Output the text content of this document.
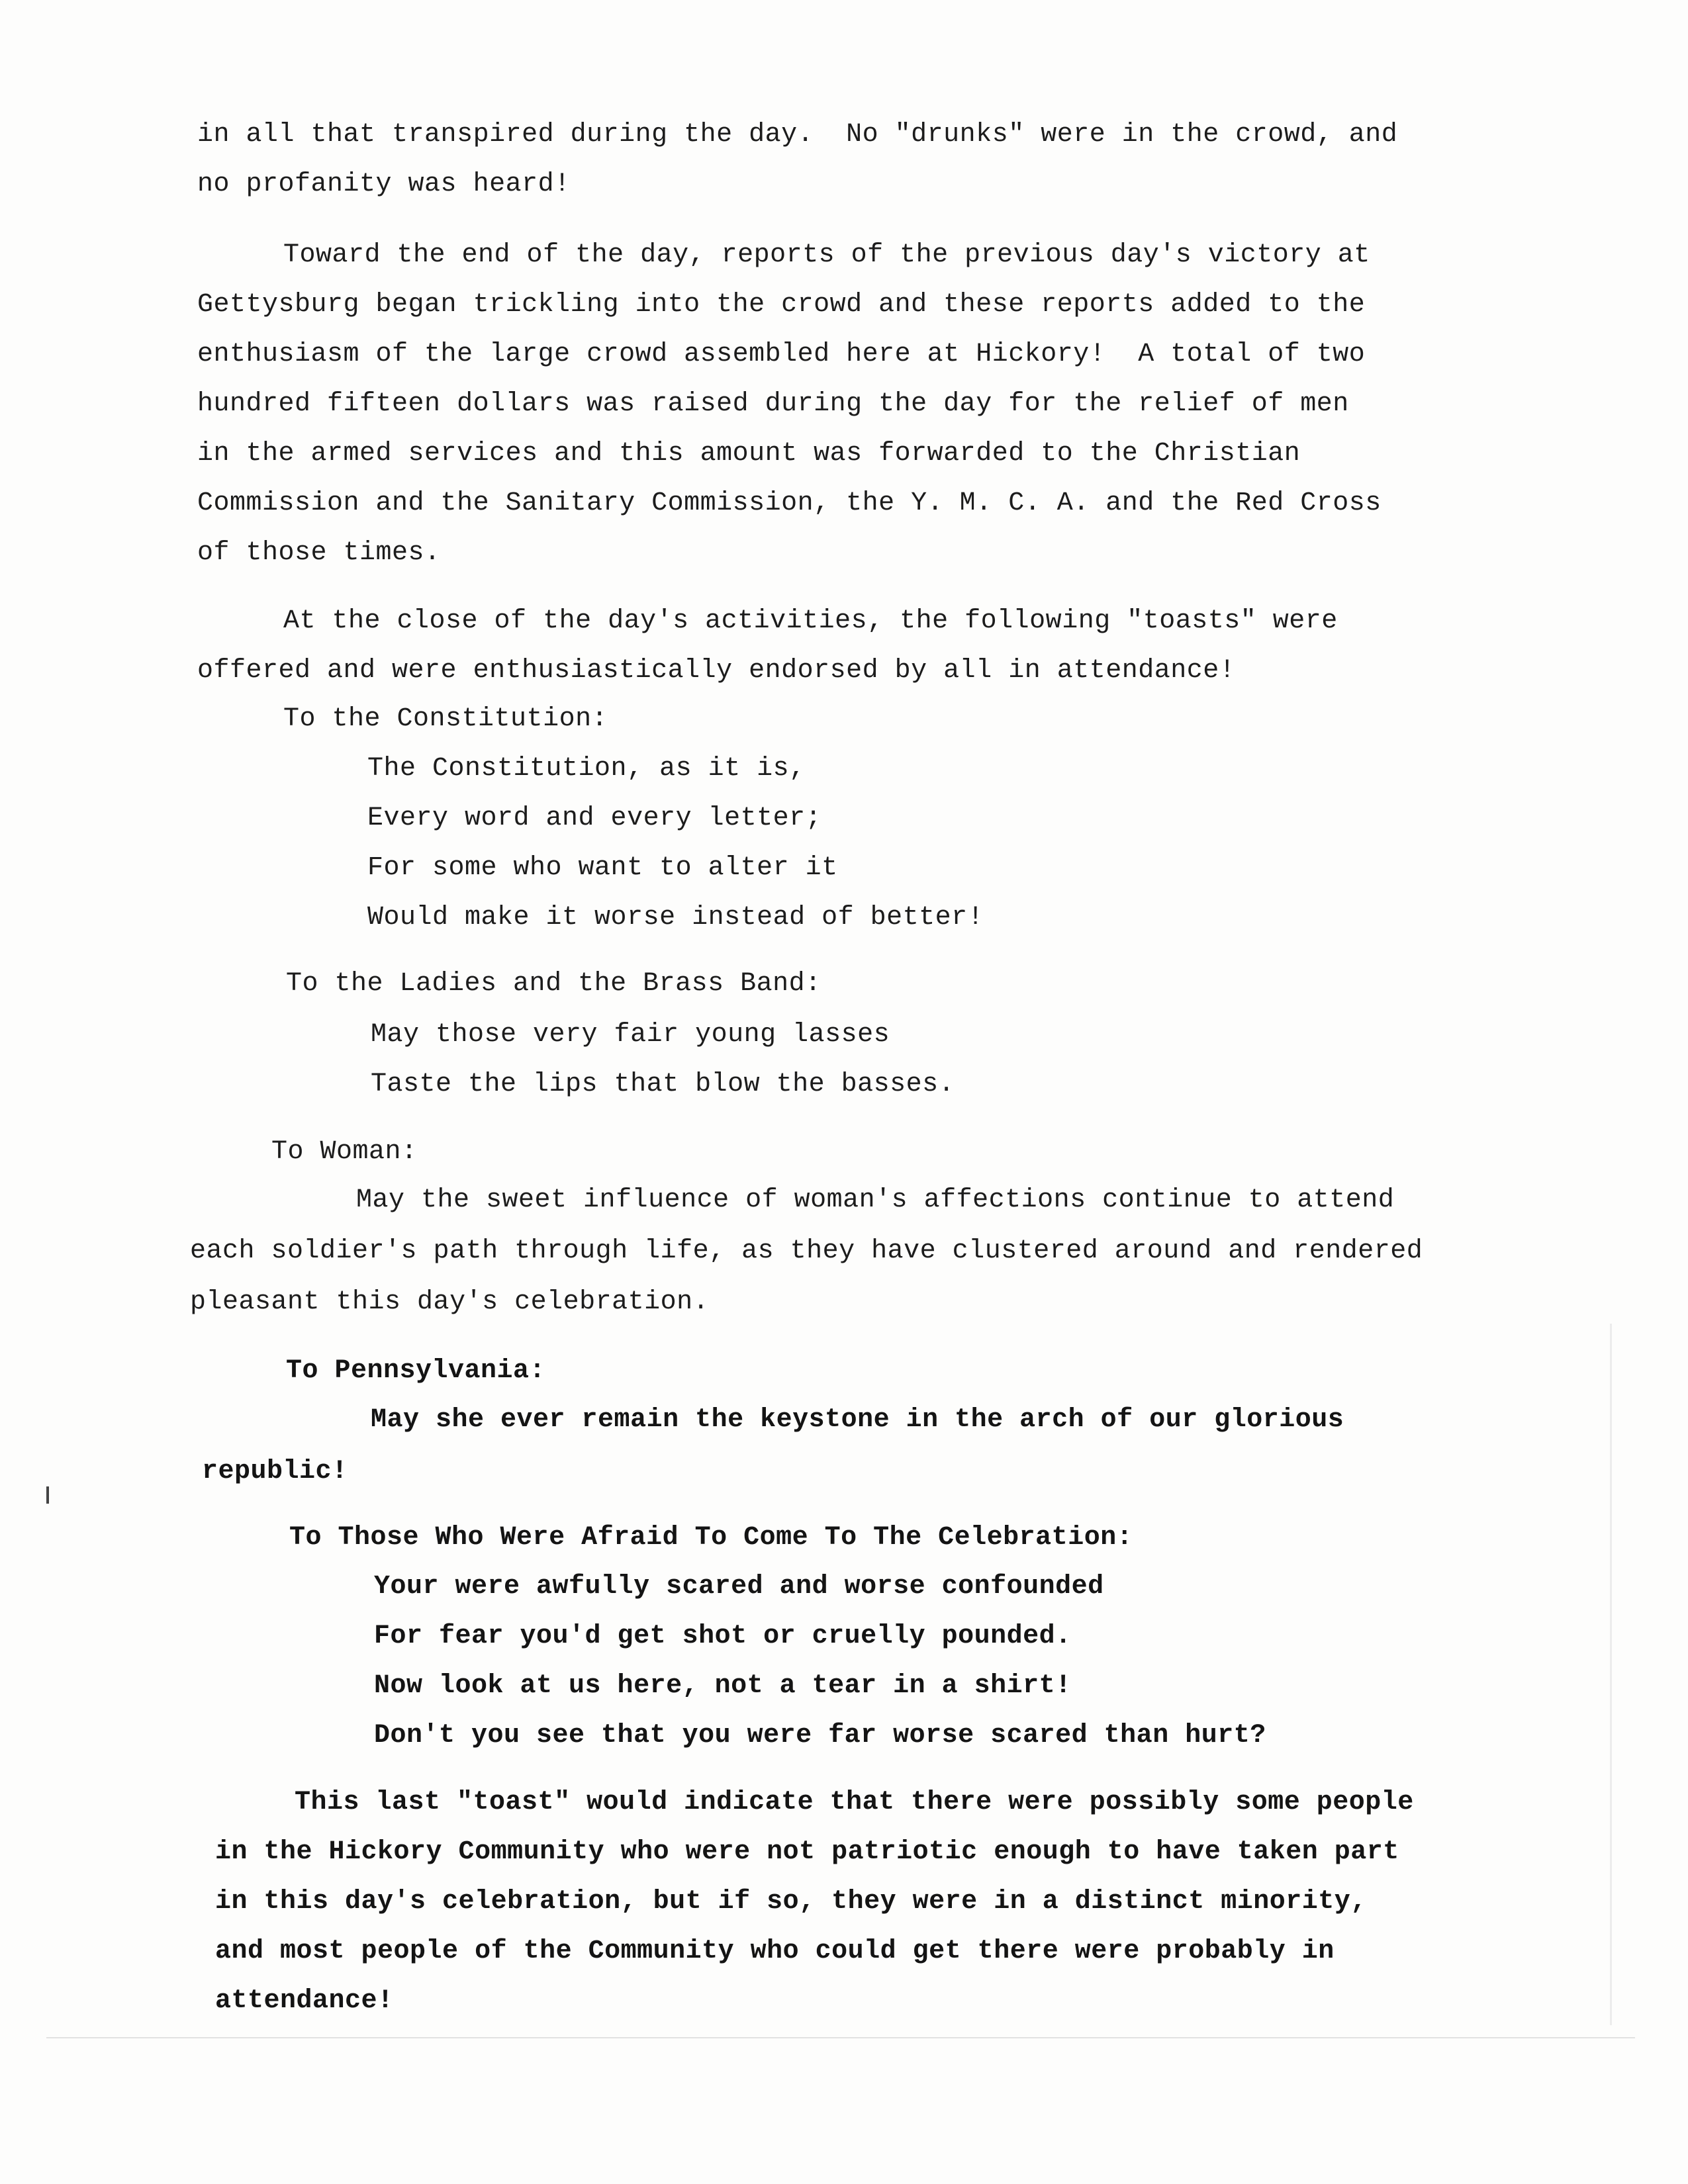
in all that transpired during the day.  No "drunks" were in the crowd, and
no profanity was heard!
Toward the end of the day, reports of the previous day's victory at
Gettysburg began trickling into the crowd and these reports added to the
enthusiasm of the large crowd assembled here at Hickory!  A total of two
hundred fifteen dollars was raised during the day for the relief of men
in the armed services and this amount was forwarded to the Christian
Commission and the Sanitary Commission, the Y. M. C. A. and the Red Cross
of those times.
At the close of the day's activities, the following "toasts" were
offered and were enthusiastically endorsed by all in attendance!
To the Constitution:
The Constitution, as it is,
Every word and every letter;
For some who want to alter it
Would make it worse instead of better!
To the Ladies and the Brass Band:
May those very fair young lasses
Taste the lips that blow the basses.
To Woman:
May the sweet influence of woman's affections continue to attend
each soldier's path through life, as they have clustered around and rendered
pleasant this day's celebration.
To Pennsylvania:
May she ever remain the keystone in the arch of our glorious
republic!
To Those Who Were Afraid To Come To The Celebration:
Your were awfully scared and worse confounded
For fear you'd get shot or cruelly pounded.
Now look at us here, not a tear in a shirt!
Don't you see that you were far worse scared than hurt?
This last "toast" would indicate that there were possibly some people
in the Hickory Community who were not patriotic enough to have taken part
in this day's celebration, but if so, they were in a distinct minority,
and most people of the Community who could get there were probably in
attendance!
